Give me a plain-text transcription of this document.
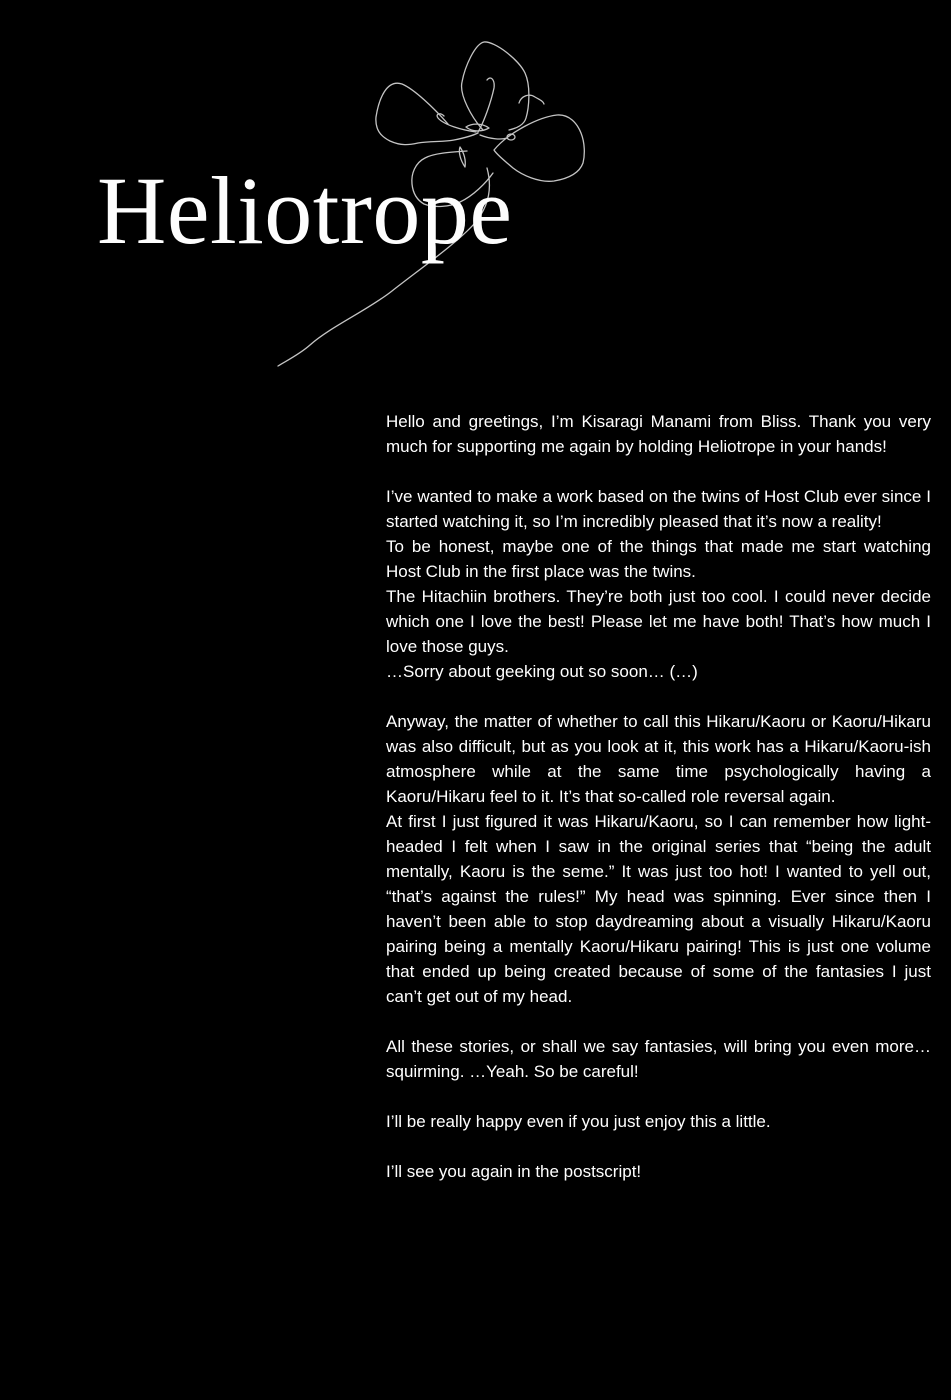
Heliotrope

Hello and greetings, I’m Kisaragi Manami from Bliss. Thank you very much for supporting me again by holding Heliotrope in your hands!

I’ve wanted to make a work based on the twins of Host Club ever since I started watching it, so I’m incredibly pleased that it’s now a reality!

To be honest, maybe one of the things that made me start watching Host Club in the first place was the twins.

The Hitachiin brothers. They’re both just too cool. I could never decide which one I love the best! Please let me have both! That’s how much I love those guys.

…Sorry about geeking out so soon… (…)

Anyway, the matter of whether to call this Hikaru/Kaoru or Kaoru/Hikaru was also difficult, but as you look at it, this work has a Hikaru/Kaoru-ish atmosphere while at the same time psychologically having a Kaoru/Hikaru feel to it. It’s that so-called role reversal again.

At first I just figured it was Hikaru/Kaoru, so I can remember how light-headed I felt when I saw in the original series that “being the adult mentally, Kaoru is the seme.” It was just too hot! I wanted to yell out, “that’s against the rules!” My head was spinning. Ever since then I haven’t been able to stop daydreaming about a visually Hikaru/Kaoru pairing being a mentally Kaoru/Hikaru pairing! This is just one volume that ended up being created because of some of the fantasies I just can’t get out of my head.

All these stories, or shall we say fantasies, will bring you even more…squirming. …Yeah. So be careful!

I’ll be really happy even if you just enjoy this a little.

I’ll see you again in the postscript!
